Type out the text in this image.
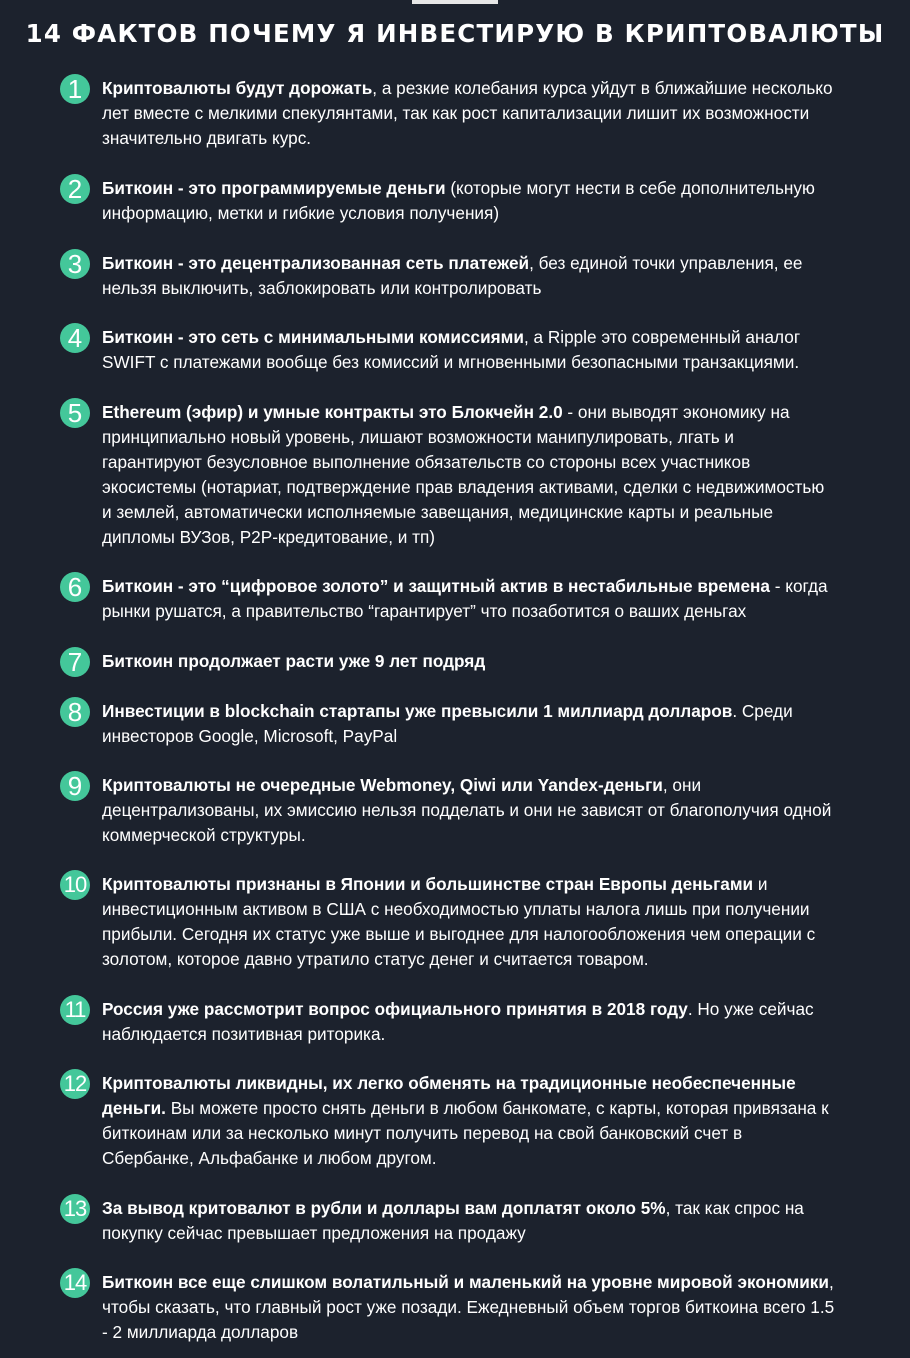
14 ФАКТОВ ПОЧЕМУ Я ИНВЕСТИРУЮ В КРИПТОВАЛЮТЫ
1	Криптовалюты будут дорожать, а резкие колебания курса уйдут в ближайшие несколько лет вместе с мелкими спекулянтами, так как рост капитализации лишит их возможности значительно двигать курс.
2	Биткоин - это программируемые деньги (которые могут нести в себе дополнительную информацию, метки и гибкие условия получения)
3	Биткоин - это децентрализованная сеть платежей, без единой точки управления, ее нельзя выключить, заблокировать или контролировать
4	Биткоин - это сеть с минимальными комиссиями, а Ripple это современный аналог SWIFT с платежами вообще без комиссий и мгновенными безопасными транзакциями.
5	Ethereum (эфир) и умные контракты это Блокчейн 2.0 - они выводят экономику на принципиально новый уровень, лишают возможности манипулировать, лгать и гарантируют безусловное выполнение обязательств со стороны всех участников экосистемы (нотариат, подтверждение прав владения активами, сделки с недвижимостью и землей, автоматически исполняемые завещания, медицинские карты и реальные дипломы ВУЗов, P2P-кредитование, и тп)
6	Биткоин - это “цифровое золото” и защитный актив в нестабильные времена - когда рынки рушатся, а правительство “гарантирует” что позаботится о ваших деньгах
7	Биткоин продолжает расти уже 9 лет подряд
8	Инвестиции в blockchain стартапы уже превысили 1 миллиард долларов. Среди инвесторов Google, Microsoft, PayPal
9	Криптовалюты не очередные Webmoney, Qiwi или Yandex-деньги, они децентрализованы, их эмиссию нельзя подделать и они не зависят от благополучия одной коммерческой структуры.
10 Криптовалюты признаны в Японии и большинстве стран Европы деньгами и инвестиционным активом в США с необходимостью уплаты налога лишь при получении прибыли. Сегодня их статус уже выше и выгоднее для налогообложения чем операции с золотом, которое давно утратило статус денег и считается товаром.
11 Россия уже рассмотрит вопрос официального принятия в 2018 году. Но уже сейчас наблюдается позитивная риторика.
12 Криптовалюты ликвидны, их легко обменять на традиционные необеспеченные деньги. Вы можете просто снять деньги в любом банкомате, с карты, которая привязана к биткоинам или за несколько минут получить перевод на свой банковский счет в Сбербанке, Альфабанке и любом другом.
13 За вывод критовалют в рубли и доллары вам доплатят около 5%, так как спрос на покупку сейчас превышает предложения на продажу
14 Биткоин все еще слишком волатильный и маленький на уровне мировой экономики, чтобы сказать, что главный рост уже позади. Ежедневный объем торгов биткоина всего 1.5 - 2 миллиарда долларов
